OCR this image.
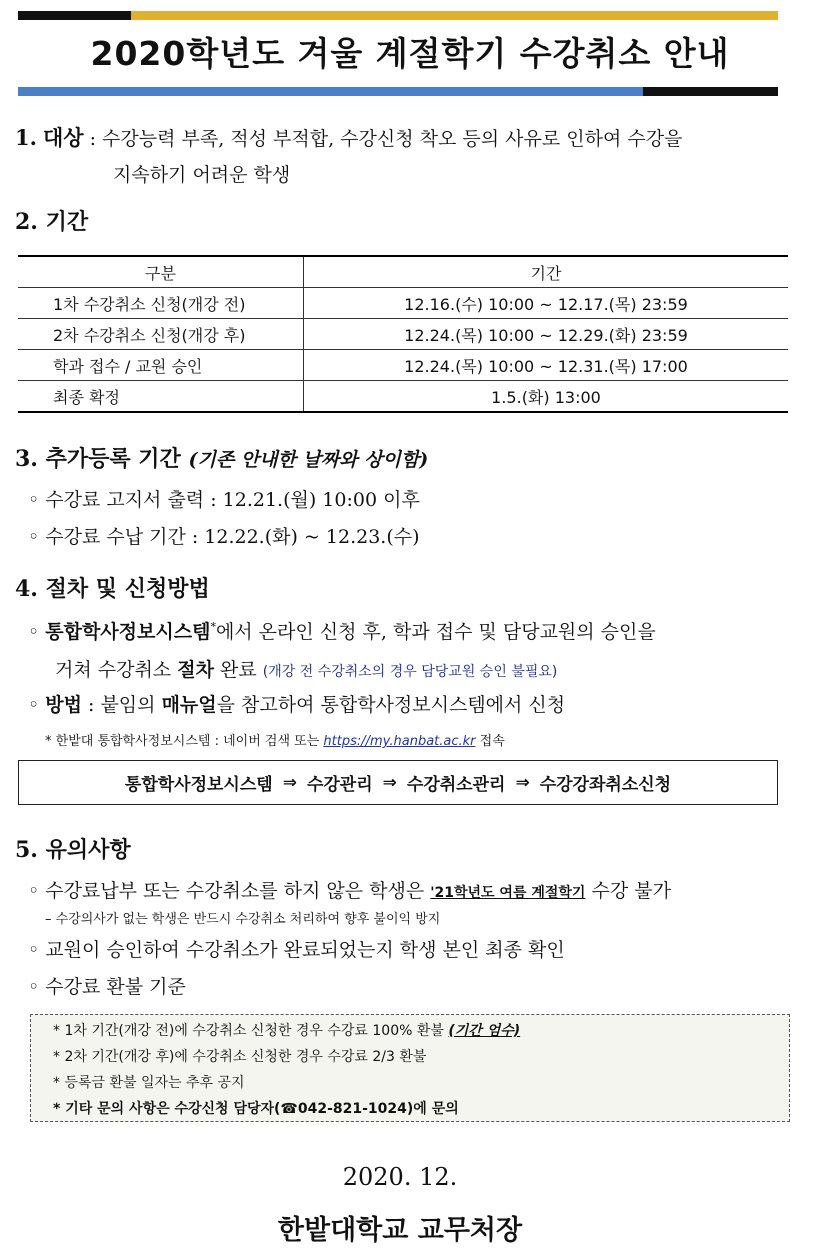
2020학년도 겨울 계절학기 수강취소 안내
1. 대상 : 수강능력 부족, 적성 부적합, 수강신청 착오 등의 사유로 인하여 수강을
지속하기 어려운 학생
2. 기간
구분	기간
1차 수강취소 신청(개강 전)	12.16.(수) 10:00 ~ 12.17.(목) 23:59
2차 수강취소 신청(개강 후)	12.24.(목) 10:00 ~ 12.29.(화) 23:59
학과 접수 / 교원 승인	12.24.(목) 10:00 ~ 12.31.(목) 17:00
최종 확정	1.5.(화) 13:00
3. 추가등록 기간 (기존 안내한 날짜와 상이함)
◦ 수강료 고지서 출력 : 12.21.(월) 10:00 이후
◦ 수강료 수납 기간 : 12.22.(화) ~ 12.23.(수)
4. 절차 및 신청방법
◦ 통합학사정보시스템*에서 온라인 신청 후, 학과 접수 및 담당교원의 승인을
거쳐 수강취소 절차 완료 (개강 전 수강취소의 경우 담당교원 승인 불필요)
◦ 방법 : 붙임의 매뉴얼을 참고하여 통합학사정보시스템에서 신청
* 한밭대 통합학사정보시스템 : 네이버 검색 또는 https://my.hanbat.ac.kr 접속
통합학사정보시스템 ⇒ 수강관리 ⇒ 수강취소관리 ⇒ 수강강좌취소신청
5. 유의사항
◦ 수강료납부 또는 수강취소를 하지 않은 학생은 '21학년도 여름 계절학기 수강 불가
– 수강의사가 없는 학생은 반드시 수강취소 처리하여 향후 불이익 방지
◦ 교원이 승인하여 수강취소가 완료되었는지 학생 본인 최종 확인
◦ 수강료 환불 기준
* 1차 기간(개강 전)에 수강취소 신청한 경우 수강료 100% 환불 (기간 엄수)
* 2차 기간(개강 후)에 수강취소 신청한 경우 수강료 2/3 환불
* 등록금 환불 일자는 추후 공지
* 기타 문의 사항은 수강신청 담당자(☎042-821-1024)에 문의
2020. 12.
한밭대학교 교무처장
